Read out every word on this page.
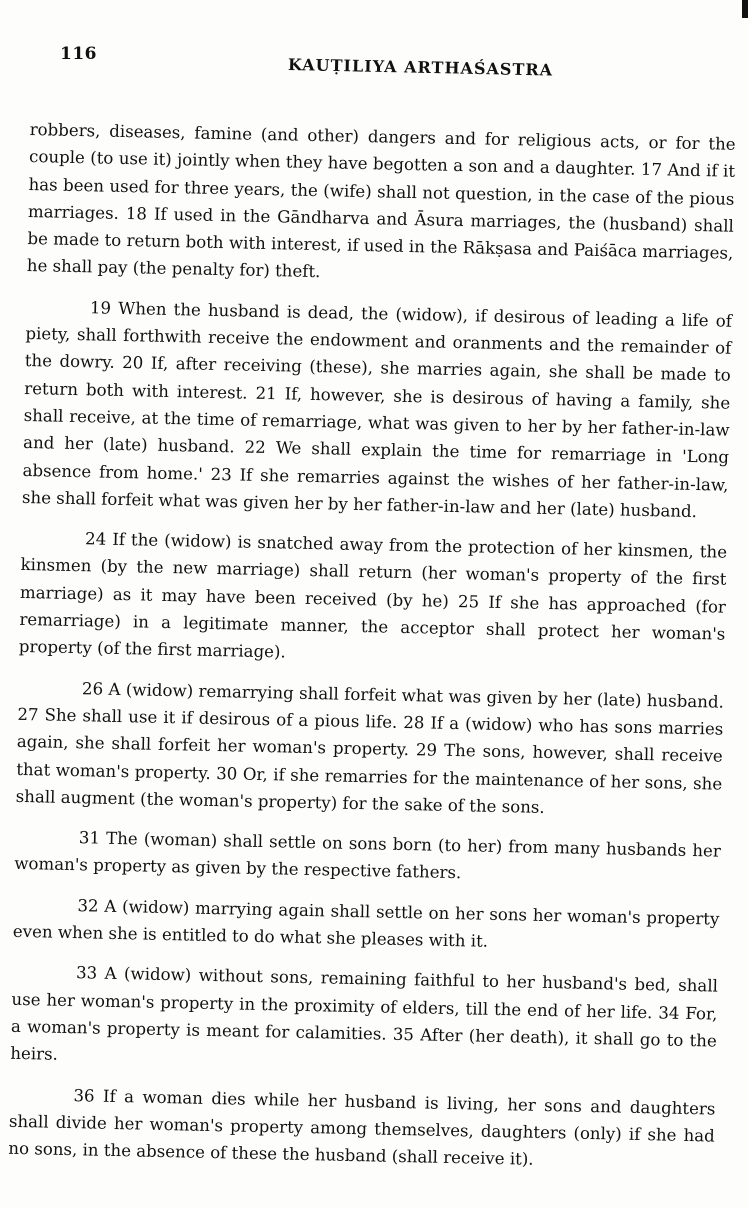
116
KAUṬILIYA ARTHAŚASTRA

robbers, diseases, famine (and other) dangers and for religious acts, or for the couple (to use it) jointly when they have begotten a son and a daughter. 17 And if it has been used for three years, the (wife) shall not question, in the case of the pious marriages. 18 If used in the Gāndharva and Āsura marriages, the (husband) shall be made to return both with interest, if used in the Rākṣasa and Paiśāca marriages, he shall pay (the penalty for) theft.

19 When the husband is dead, the (widow), if desirous of leading a life of piety, shall forthwith receive the endowment and oranments and the remainder of the dowry. 20 If, after receiving (these), she marries again, she shall be made to return both with interest. 21 If, however, she is desirous of having a family, she shall receive, at the time of remarriage, what was given to her by her father-in-law and her (late) husband. 22 We shall explain the time for remarriage in 'Long absence from home.' 23 If she remarries against the wishes of her father-in-law, she shall forfeit what was given her by her father-in-law and her (late) husband.

24 If the (widow) is snatched away from the protection of her kinsmen, the kinsmen (by the new marriage) shall return (her woman's property of the first marriage) as it may have been received (by he) 25 If she has approached (for remarriage) in a legitimate manner, the acceptor shall protect her woman's property (of the first marriage).

26 A (widow) remarrying shall forfeit what was given by her (late) husband. 27 She shall use it if desirous of a pious life. 28 If a (widow) who has sons marries again, she shall forfeit her woman's property. 29 The sons, however, shall receive that woman's property. 30 Or, if she remarries for the maintenance of her sons, she shall augment (the woman's property) for the sake of the sons.

31 The (woman) shall settle on sons born (to her) from many husbands her woman's property as given by the respective fathers.

32 A (widow) marrying again shall settle on her sons her woman's property even when she is entitled to do what she pleases with it.

33 A (widow) without sons, remaining faithful to her husband's bed, shall use her woman's property in the proximity of elders, till the end of her life. 34 For, a woman's property is meant for calamities. 35 After (her death), it shall go to the heirs.

36 If a woman dies while her husband is living, her sons and daughters shall divide her woman's property among themselves, daughters (only) if she had no sons, in the absence of these the husband (shall receive it).
